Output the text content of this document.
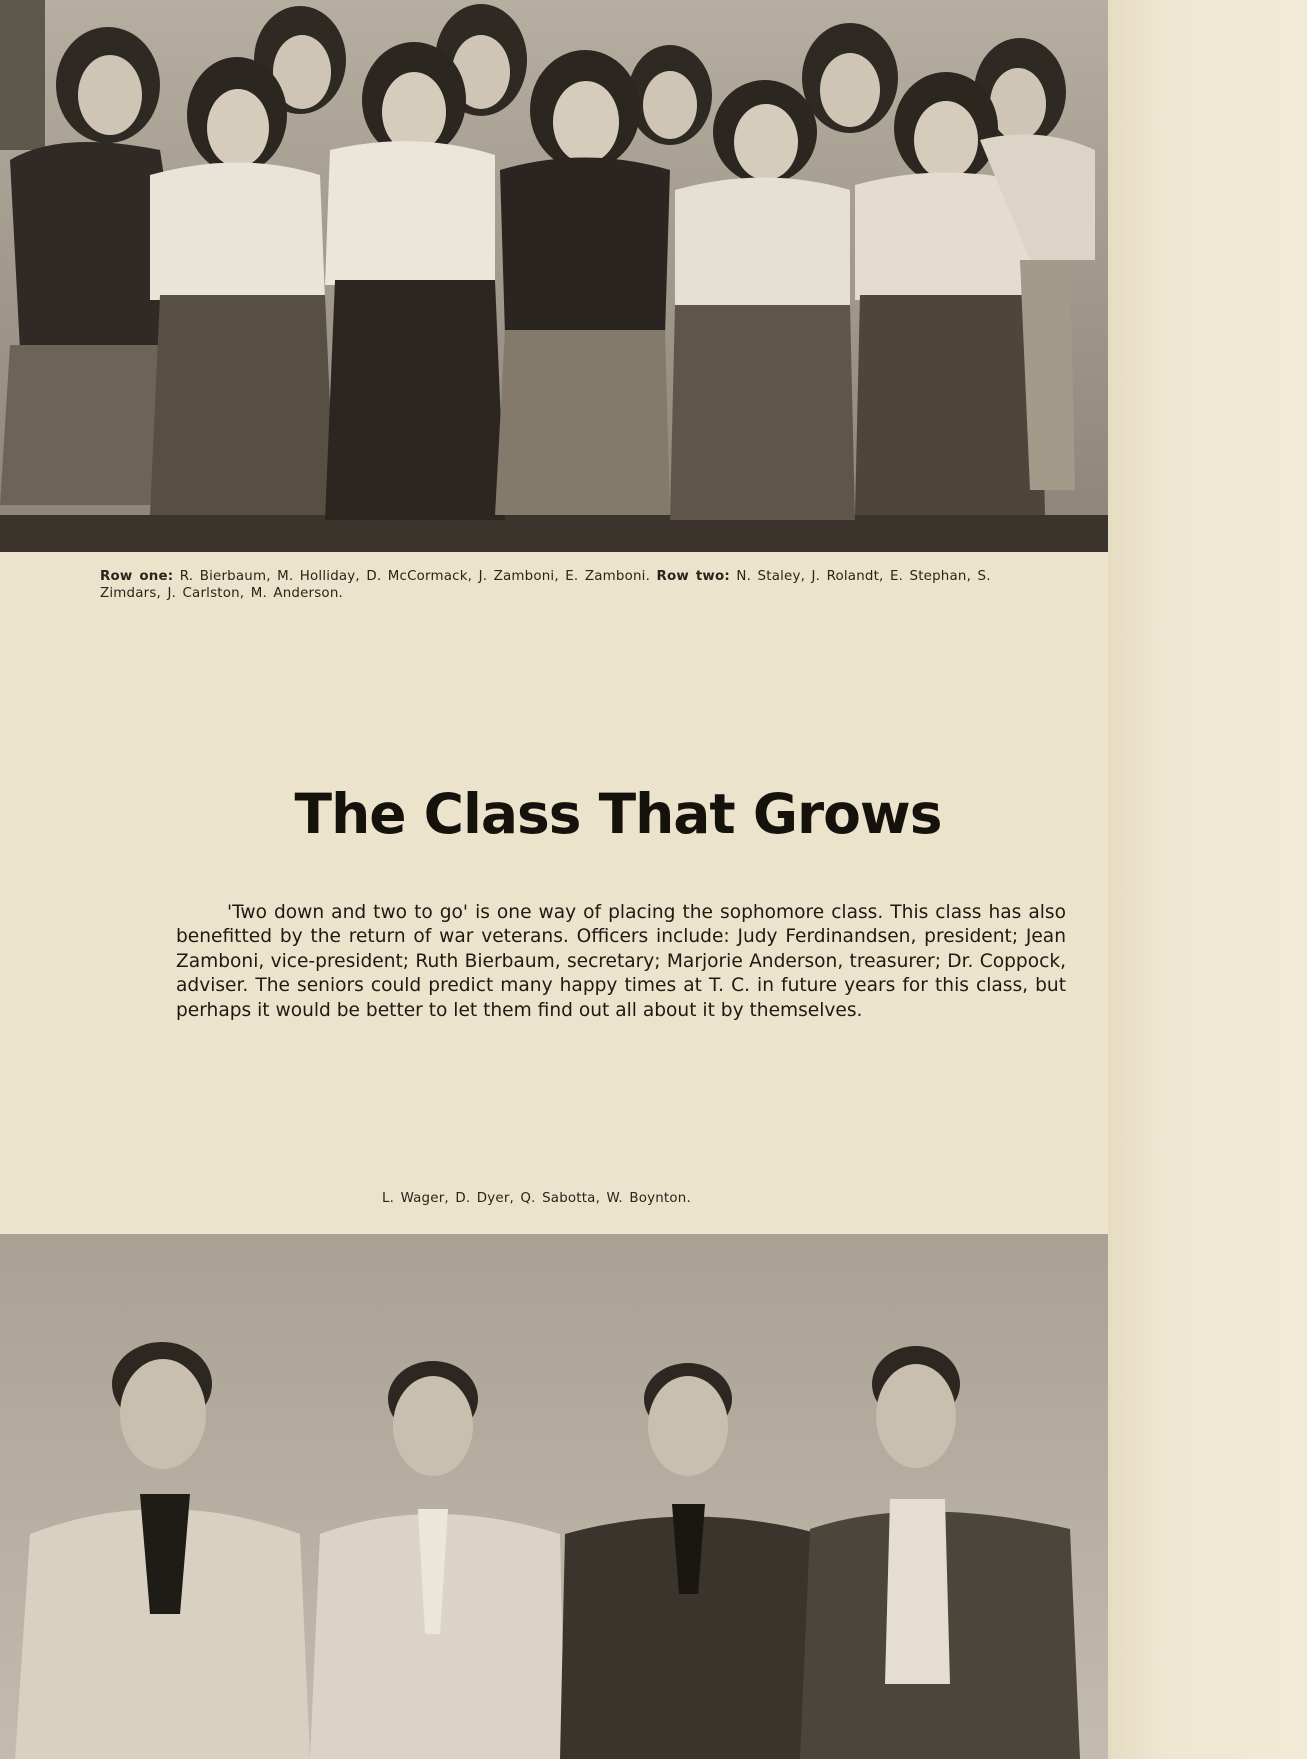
Row one: R. Bierbaum, M. Holliday, D. McCormack, J. Zamboni, E. Zamboni. Row two: N. Staley, J. Rolandt, E. Stephan, S. Zimdars, J. Carlston, M. Anderson.
The Class That Grows

'Two down and two to go' is one way of placing the sophomore class. This class has also benefitted by the return of war veterans. Officers include: Judy Ferdinandsen, president; Jean Zamboni, vice-president; Ruth Bierbaum, secretary; Marjorie Anderson, treasurer; Dr. Coppock, adviser. The seniors could predict many happy times at T. C. in future years for this class, but perhaps it would be better to let them find out all about it by themselves.

L. Wager, D. Dyer, Q. Sabotta, W. Boynton.
